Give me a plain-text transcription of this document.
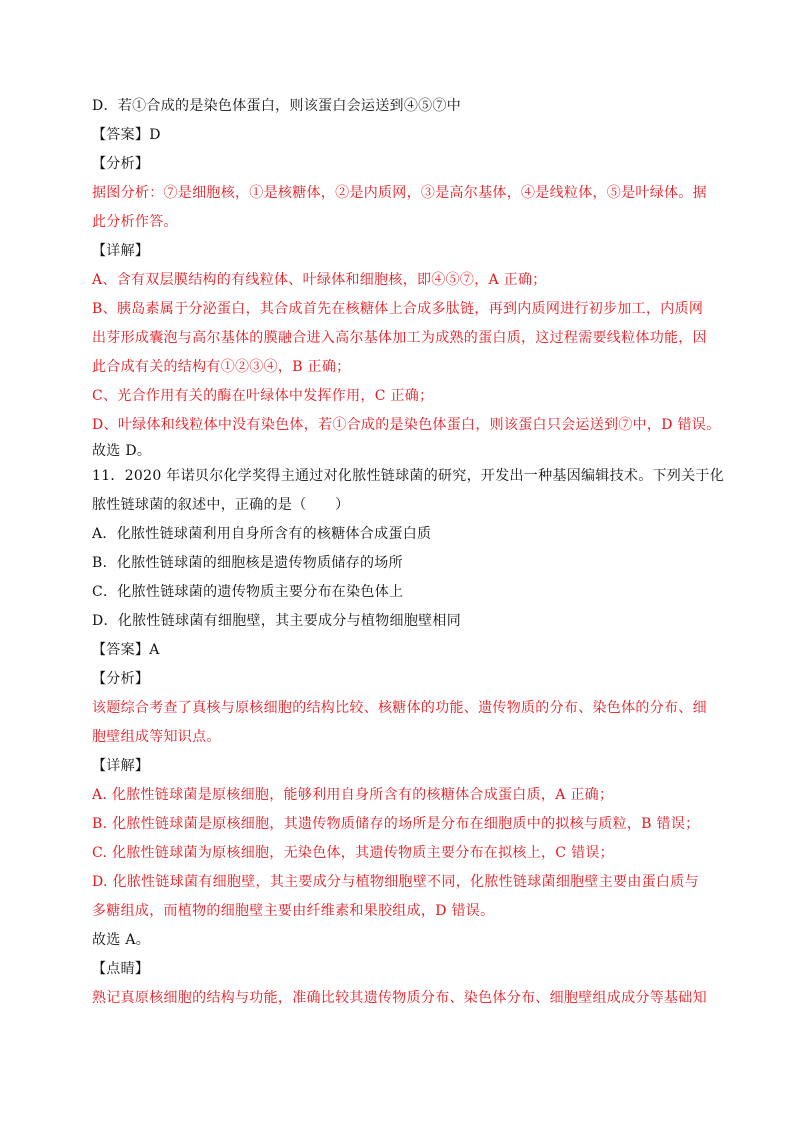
D．若①合成的是染色体蛋白，则该蛋白会运送到④⑤⑦中
【答案】D
【分析】
据图分析：⑦是细胞核，①是核糖体，②是内质网，③是高尔基体，④是线粒体，⑤是叶绿体。据
此分析作答。
【详解】
A、含有双层膜结构的有线粒体、叶绿体和细胞核，即④⑤⑦，A 正确；
B、胰岛素属于分泌蛋白，其合成首先在核糖体上合成多肽链，再到内质网进行初步加工，内质网
出芽形成囊泡与高尔基体的膜融合进入高尔基体加工为成熟的蛋白质，这过程需要线粒体功能，因
此合成有关的结构有①②③④，B 正确；
C、光合作用有关的酶在叶绿体中发挥作用，C 正确；
D、叶绿体和线粒体中没有染色体，若①合成的是染色体蛋白，则该蛋白只会运送到⑦中，D 错误。
故选 D。
11．2020 年诺贝尔化学奖得主通过对化脓性链球菌的研究，开发出一种基因编辑技术。下列关于化
脓性链球菌的叙述中，正确的是（　　）
A．化脓性链球菌利用自身所含有的核糖体合成蛋白质
B．化脓性链球菌的细胞核是遗传物质储存的场所
C．化脓性链球菌的遗传物质主要分布在染色体上
D．化脓性链球菌有细胞壁，其主要成分与植物细胞壁相同
【答案】A
【分析】
该题综合考查了真核与原核细胞的结构比较、核糖体的功能、遗传物质的分布、染色体的分布、细
胞壁组成等知识点。
【详解】
A. 化脓性链球菌是原核细胞，能够利用自身所含有的核糖体合成蛋白质，A 正确；
B. 化脓性链球菌是原核细胞，其遗传物质储存的场所是分布在细胞质中的拟核与质粒，B 错误；
C. 化脓性链球菌为原核细胞，无染色体，其遗传物质主要分布在拟核上，C 错误；
D. 化脓性链球菌有细胞壁，其主要成分与植物细胞壁不同，化脓性链球菌细胞壁主要由蛋白质与
多糖组成，而植物的细胞壁主要由纤维素和果胶组成，D 错误。
故选 A。
【点睛】
熟记真原核细胞的结构与功能，准确比较其遗传物质分布、染色体分布、细胞壁组成成分等基础知
